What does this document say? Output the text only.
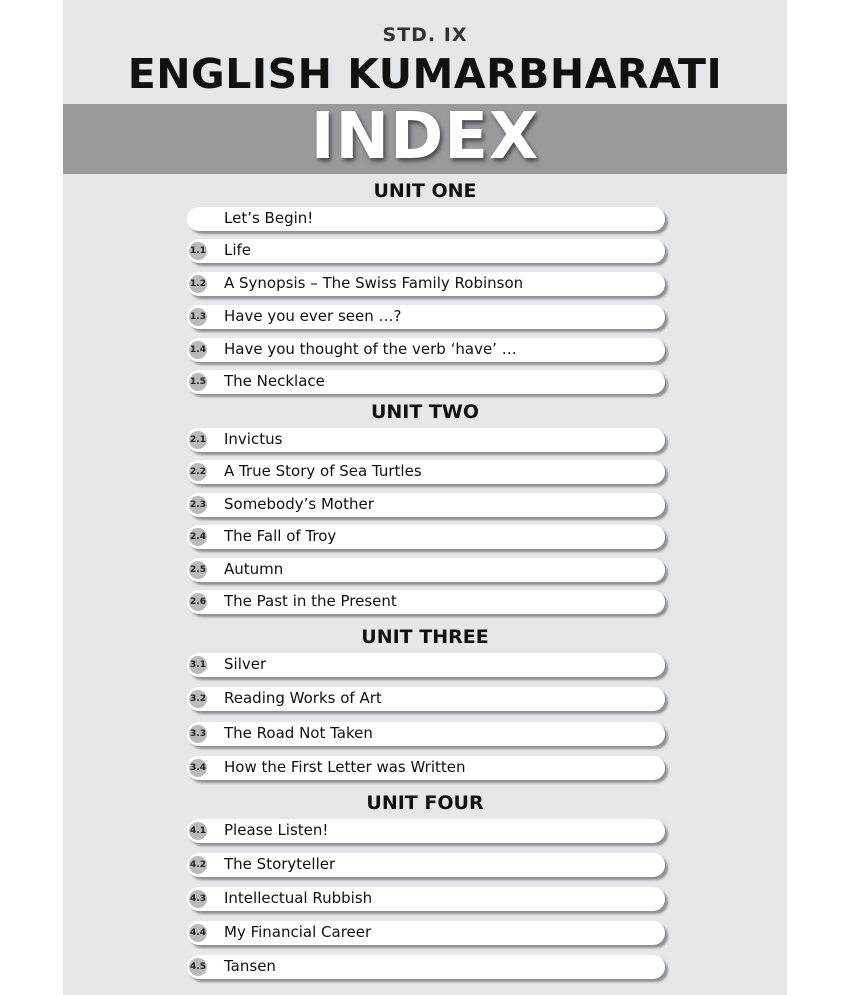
STD. IX
ENGLISH KUMARBHARATI
INDEX
UNIT ONE
Let’s Begin!
1.1 Life
1.2 A Synopsis – The Swiss Family Robinson
1.3 Have you ever seen …?
1.4 Have you thought of the verb ‘have’ …
1.5 The Necklace
UNIT TWO
2.1 Invictus
2.2 A True Story of Sea Turtles
2.3 Somebody’s Mother
2.4 The Fall of Troy
2.5 Autumn
2.6 The Past in the Present
UNIT THREE
3.1 Silver
3.2 Reading Works of Art
3.3 The Road Not Taken
3.4 How the First Letter was Written
UNIT FOUR
4.1 Please Listen!
4.2 The Storyteller
4.3 Intellectual Rubbish
4.4 My Financial Career
4.5 Tansen
